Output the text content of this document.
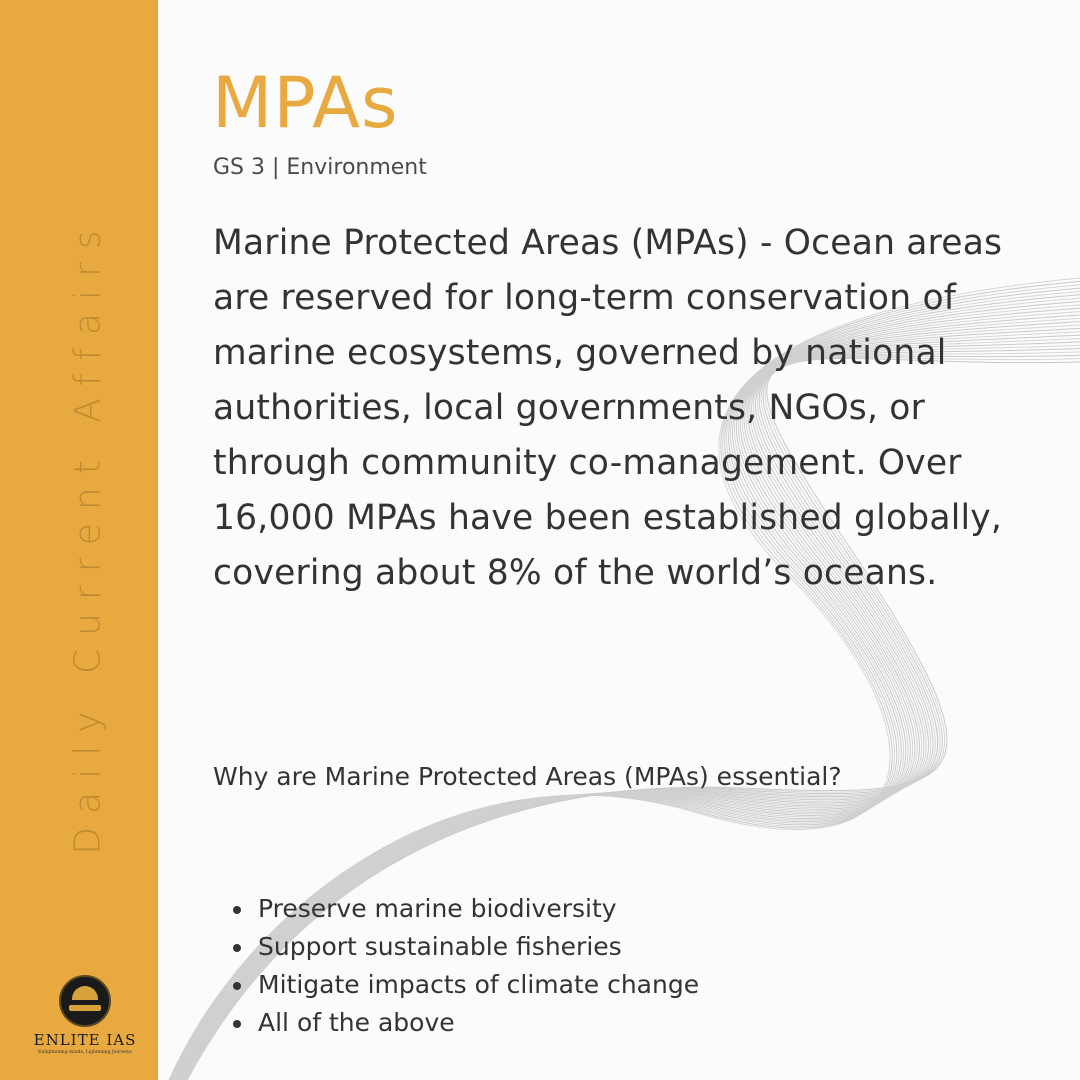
Daily Current Affairs
ENLITE IAS
Enlightening minds, Lightening Journeys
MPAs

GS 3 | Environment

Marine Protected Areas (MPAs) - Ocean areas are reserved for long-term conservation of marine ecosystems, governed by national authorities, local governments, NGOs, or through community co-management. Over 16,000 MPAs have been established globally, covering about 8% of the world’s oceans.

Why are Marine Protected Areas (MPAs) essential?

Preserve marine biodiversity
Support sustainable fisheries
Mitigate impacts of climate change
All of the above
